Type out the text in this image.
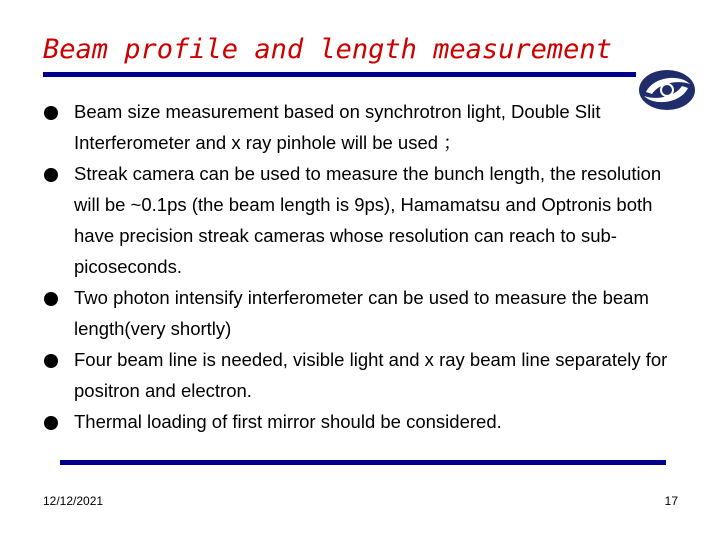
Beam profile and length measurement
Beam size measurement based on synchrotron light, Double Slit Interferometer and x ray pinhole will be used ；
Streak camera can be used to measure the bunch length, the resolution will be ~0.1ps (the beam length is 9ps), Hamamatsu and Optronis both have precision streak cameras whose resolution can reach to sub-picoseconds.
Two photon intensify interferometer can be used to measure the beam length(very shortly)
Four beam line is needed, visible light and x ray beam line separately for positron and electron.
Thermal loading of first mirror should be considered.
12/12/2021	17
